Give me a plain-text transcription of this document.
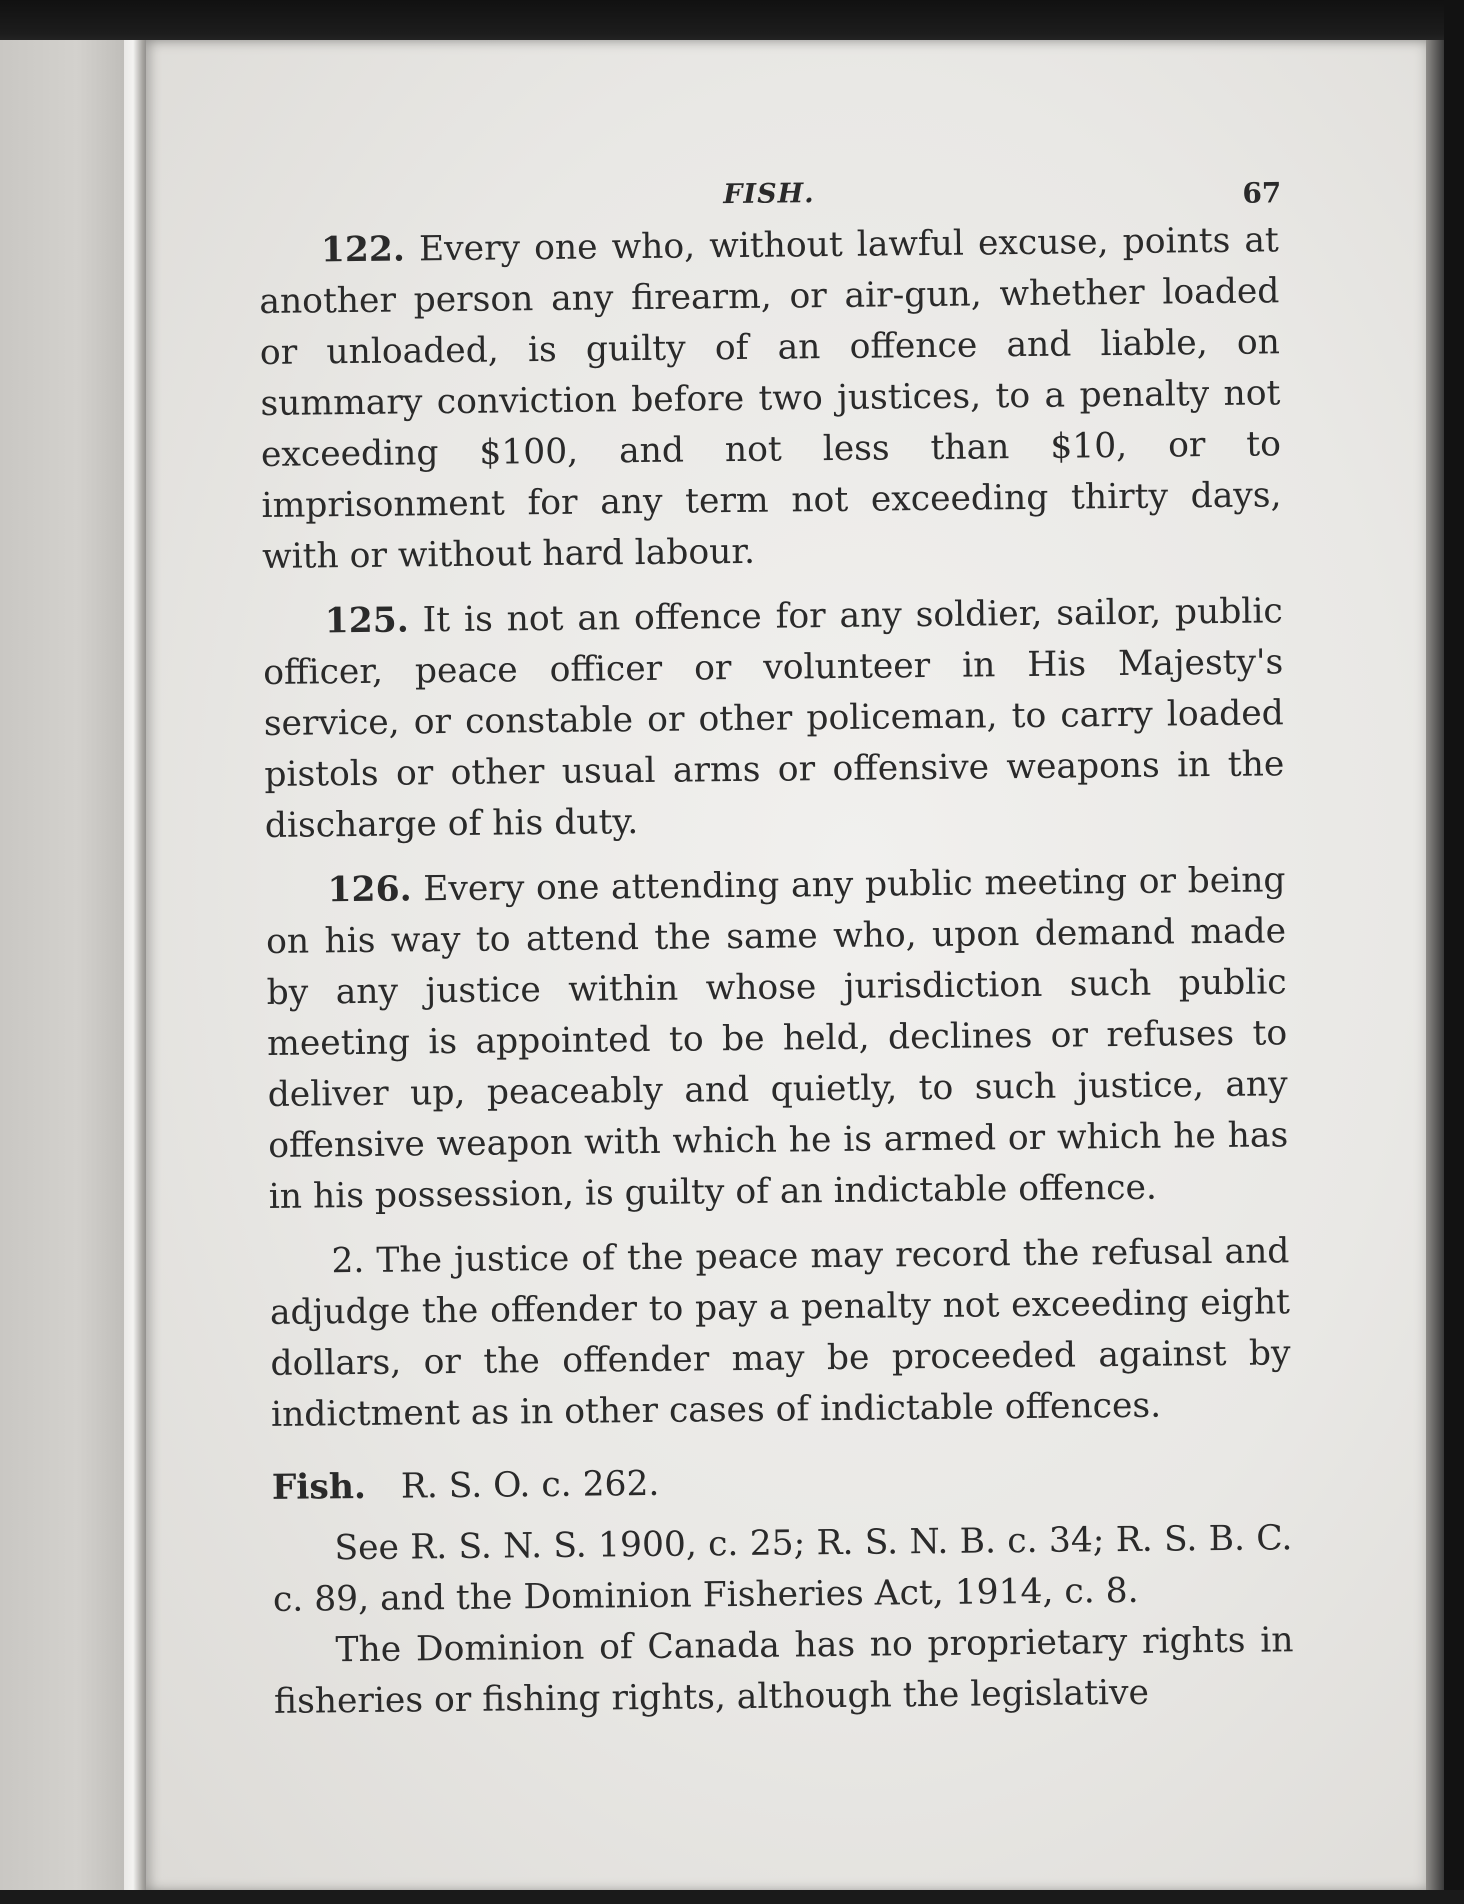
FISH.	67

122. Every one who, without lawful excuse, points at another person any firearm, or air-gun, whether loaded or unloaded, is guilty of an offence and liable, on summary conviction before two justices, to a penalty not exceeding $100, and not less than $10, or to imprisonment for any term not exceeding thirty days, with or without hard labour.

125. It is not an offence for any soldier, sailor, public officer, peace officer or volunteer in His Majesty's service, or constable or other policeman, to carry loaded pistols or other usual arms or offensive weapons in the discharge of his duty.

126. Every one attending any public meeting or being on his way to attend the same who, upon demand made by any justice within whose jurisdiction such public meeting is appointed to be held, declines or refuses to deliver up, peaceably and quietly, to such justice, any offensive weapon with which he is armed or which he has in his possession, is guilty of an indictable offence.

2. The justice of the peace may record the refusal and adjudge the offender to pay a penalty not exceeding eight dollars, or the offender may be proceeded against by indictment as in other cases of indictable offences.

Fish. R. S. O. c. 262.

See R. S. N. S. 1900, c. 25; R. S. N. B. c. 34; R. S. B. C. c. 89, and the Dominion Fisheries Act, 1914, c. 8.

The Dominion of Canada has no proprietary rights in fisheries or fishing rights, although the legislative
